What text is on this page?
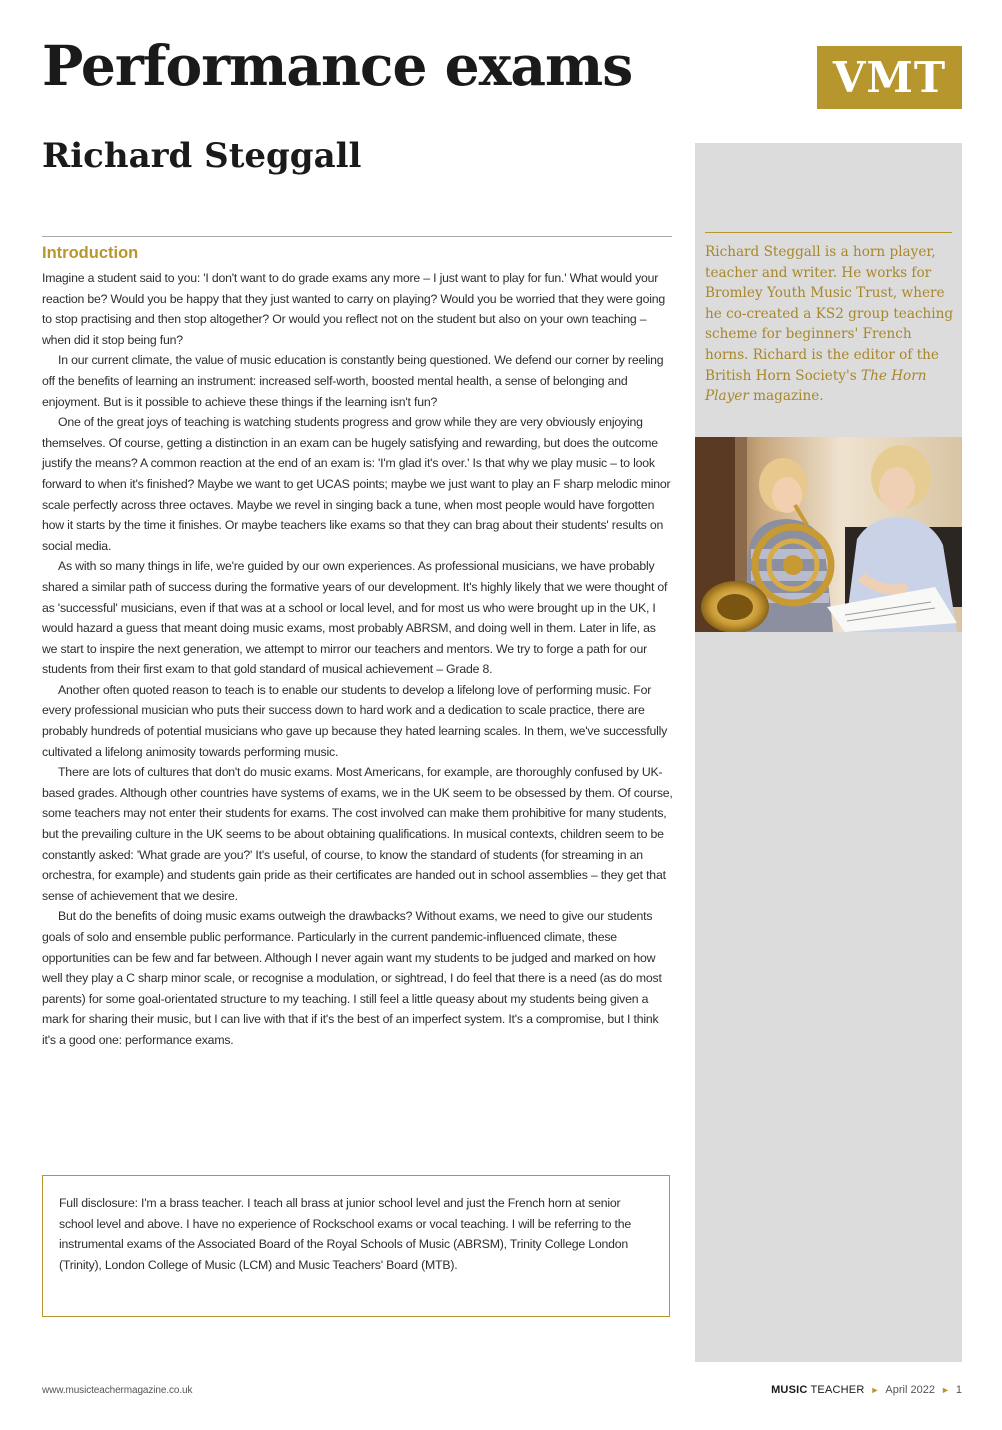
Performance exams
Richard Steggall
VMT

Richard Steggall is a horn player, teacher and writer. He works for Bromley Youth Music Trust, where he co-created a KS2 group teaching scheme for beginners' French horns. Richard is the editor of the British Horn Society's The Horn Player magazine.

Introduction

Imagine a student said to you: 'I don't want to do grade exams any more – I just want to play for fun.' What would your reaction be? Would you be happy that they just wanted to carry on playing? Would you be worried that they were going to stop practising and then stop altogether? Or would you reflect not on the student but also on your own teaching – when did it stop being fun?

In our current climate, the value of music education is constantly being questioned. We defend our corner by reeling off the benefits of learning an instrument: increased self-worth, boosted mental health, a sense of belonging and enjoyment. But is it possible to achieve these things if the learning isn't fun?

One of the great joys of teaching is watching students progress and grow while they are very obviously enjoying themselves. Of course, getting a distinction in an exam can be hugely satisfying and rewarding, but does the outcome justify the means? A common reaction at the end of an exam is: 'I'm glad it's over.' Is that why we play music – to look forward to when it's finished? Maybe we want to get UCAS points; maybe we just want to play an F sharp melodic minor scale perfectly across three octaves. Maybe we revel in singing back a tune, when most people would have forgotten how it starts by the time it finishes. Or maybe teachers like exams so that they can brag about their students' results on social media.

As with so many things in life, we're guided by our own experiences. As professional musicians, we have probably shared a similar path of success during the formative years of our development. It's highly likely that we were thought of as 'successful' musicians, even if that was at a school or local level, and for most us who were brought up in the UK, I would hazard a guess that meant doing music exams, most probably ABRSM, and doing well in them. Later in life, as we start to inspire the next generation, we attempt to mirror our teachers and mentors. We try to forge a path for our students from their first exam to that gold standard of musical achievement – Grade 8.

Another often quoted reason to teach is to enable our students to develop a lifelong love of performing music. For every professional musician who puts their success down to hard work and a dedication to scale practice, there are probably hundreds of potential musicians who gave up because they hated learning scales. In them, we've successfully cultivated a lifelong animosity towards performing music.

There are lots of cultures that don't do music exams. Most Americans, for example, are thoroughly confused by UK-based grades. Although other countries have systems of exams, we in the UK seem to be obsessed by them. Of course, some teachers may not enter their students for exams. The cost involved can make them prohibitive for many students, but the prevailing culture in the UK seems to be about obtaining qualifications. In musical contexts, children seem to be constantly asked: 'What grade are you?' It's useful, of course, to know the standard of students (for streaming in an orchestra, for example) and students gain pride as their certificates are handed out in school assemblies – they get that sense of achievement that we desire.

But do the benefits of doing music exams outweigh the drawbacks? Without exams, we need to give our students goals of solo and ensemble public performance. Particularly in the current pandemic-influenced climate, these opportunities can be few and far between. Although I never again want my students to be judged and marked on how well they play a C sharp minor scale, or recognise a modulation, or sightread, I do feel that there is a need (as do most parents) for some goal-orientated structure to my teaching. I still feel a little queasy about my students being given a mark for sharing their music, but I can live with that if it's the best of an imperfect system. It's a compromise, but I think it's a good one: performance exams.

Full disclosure: I'm a brass teacher. I teach all brass at junior school level and just the French horn at senior school level and above. I have no experience of Rockschool exams or vocal teaching. I will be referring to the instrumental exams of the Associated Board of the Royal Schools of Music (ABRSM), Trinity College London (Trinity), London College of Music (LCM) and Music Teachers' Board (MTB).

www.musicteachermagazine.co.uk	MUSIC TEACHER ► April 2022 ► 1
